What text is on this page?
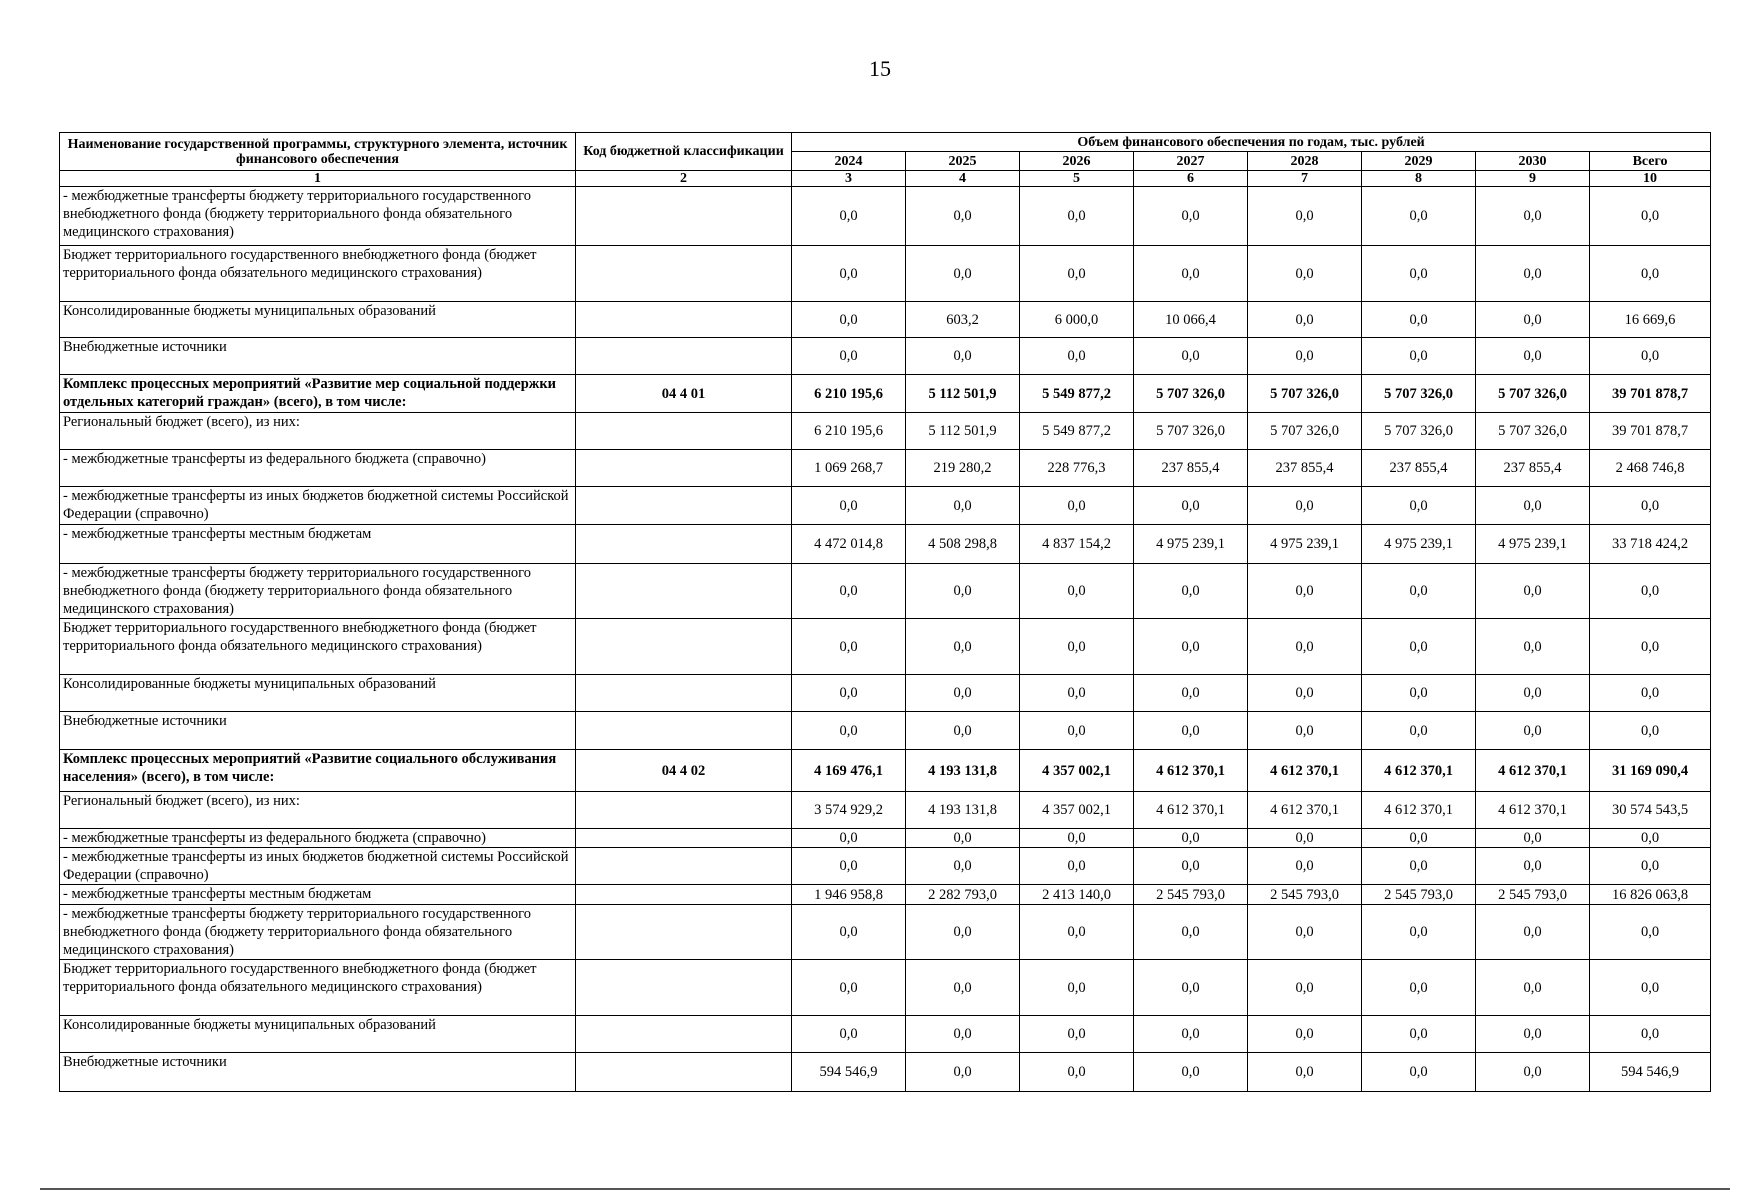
15
Наименование государственной программы, структурного элемента, источник финансового обеспечения	Код бюджетной классификации	Объем финансового обеспечения по годам, тыс. рублей							
		2024	2025	2026	2027	2028	2029	2030	Всего
1	2	3	4	5	6	7	8	9	10
- межбюджетные трансферты бюджету территориального государственного внебюджетного фонда (бюджету территориального фонда обязательного медицинского страхования)		0,0	0,0	0,0	0,0	0,0	0,0	0,0	0,0
Бюджет территориального государственного внебюджетного фонда (бюджет территориального фонда обязательного медицинского страхования)		0,0	0,0	0,0	0,0	0,0	0,0	0,0	0,0
Консолидированные бюджеты муниципальных образований		0,0	603,2	6 000,0	10 066,4	0,0	0,0	0,0	16 669,6
Внебюджетные источники		0,0	0,0	0,0	0,0	0,0	0,0	0,0	0,0
Комплекс процессных мероприятий «Развитие мер социальной поддержки отдельных категорий граждан» (всего), в том числе:	04 4 01	6 210 195,6	5 112 501,9	5 549 877,2	5 707 326,0	5 707 326,0	5 707 326,0	5 707 326,0	39 701 878,7
Региональный бюджет (всего), из них:		6 210 195,6	5 112 501,9	5 549 877,2	5 707 326,0	5 707 326,0	5 707 326,0	5 707 326,0	39 701 878,7
- межбюджетные трансферты из федерального бюджета (справочно)		1 069 268,7	219 280,2	228 776,3	237 855,4	237 855,4	237 855,4	237 855,4	2 468 746,8
- межбюджетные трансферты из иных бюджетов бюджетной системы Российской Федерации (справочно)		0,0	0,0	0,0	0,0	0,0	0,0	0,0	0,0
- межбюджетные трансферты местным бюджетам		4 472 014,8	4 508 298,8	4 837 154,2	4 975 239,1	4 975 239,1	4 975 239,1	4 975 239,1	33 718 424,2
- межбюджетные трансферты бюджету территориального государственного внебюджетного фонда (бюджету территориального фонда обязательного медицинского страхования)		0,0	0,0	0,0	0,0	0,0	0,0	0,0	0,0
Бюджет территориального государственного внебюджетного фонда (бюджет территориального фонда обязательного медицинского страхования)		0,0	0,0	0,0	0,0	0,0	0,0	0,0	0,0
Консолидированные бюджеты муниципальных образований		0,0	0,0	0,0	0,0	0,0	0,0	0,0	0,0
Внебюджетные источники		0,0	0,0	0,0	0,0	0,0	0,0	0,0	0,0
Комплекс процессных мероприятий «Развитие социального обслуживания населения» (всего), в том числе:	04 4 02	4 169 476,1	4 193 131,8	4 357 002,1	4 612 370,1	4 612 370,1	4 612 370,1	4 612 370,1	31 169 090,4
Региональный бюджет (всего), из них:		3 574 929,2	4 193 131,8	4 357 002,1	4 612 370,1	4 612 370,1	4 612 370,1	4 612 370,1	30 574 543,5
- межбюджетные трансферты из федерального бюджета (справочно)		0,0	0,0	0,0	0,0	0,0	0,0	0,0	0,0
- межбюджетные трансферты из иных бюджетов бюджетной системы Российской Федерации (справочно)		0,0	0,0	0,0	0,0	0,0	0,0	0,0	0,0
- межбюджетные трансферты местным бюджетам		1 946 958,8	2 282 793,0	2 413 140,0	2 545 793,0	2 545 793,0	2 545 793,0	2 545 793,0	16 826 063,8
- межбюджетные трансферты бюджету территориального государственного внебюджетного фонда (бюджету территориального фонда обязательного медицинского страхования)		0,0	0,0	0,0	0,0	0,0	0,0	0,0	0,0
Бюджет территориального государственного внебюджетного фонда (бюджет территориального фонда обязательного медицинского страхования)		0,0	0,0	0,0	0,0	0,0	0,0	0,0	0,0
Консолидированные бюджеты муниципальных образований		0,0	0,0	0,0	0,0	0,0	0,0	0,0	0,0
Внебюджетные источники		594 546,9	0,0	0,0	0,0	0,0	0,0	0,0	594 546,9
